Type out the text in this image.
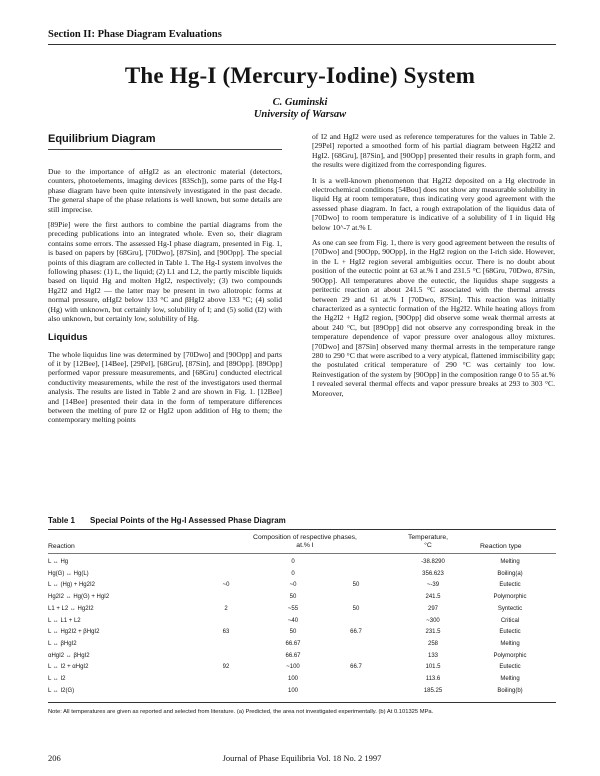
Section II: Phase Diagram Evaluations
The Hg-I (Mercury-Iodine) System
C. Guminski
University of Warsaw
Equilibrium Diagram

Due to the importance of αHgI2 as an electronic material (detectors, counters, photoelements, imaging devices [83Sch]), some parts of the Hg-I phase diagram have been quite intensively investigated in the past decade. The general shape of the phase relations is well known, but some details are still imprecise.

[89Pie] were the first authors to combine the partial diagrams from the preceding publications into an integrated whole. Even so, their diagram contains some errors. The assessed Hg-I phase diagram, presented in Fig. 1, is based on papers by [68Gru], [70Dwo], [87Sin], and [90Opp]. The special points of this diagram are collected in Table 1. The Hg-I system involves the following phases: (1) L, the liquid; (2) L1 and L2, the partly miscible liquids based on liquid Hg and molten HgI2, respectively; (3) two compounds Hg2I2 and HgI2 — the latter may be present in two allotropic forms at normal pressure, αHgI2 below 133 °C and βHgI2 above 133 °C; (4) solid (Hg) with unknown, but certainly low, solubility of I; and (5) solid (I2) with also unknown, but certainly low, solubility of Hg.

Liquidus

The whole liquidus line was determined by [70Dwo] and [90Opp] and parts of it by [12Bee], [14Bee], [29Pel], [68Gru], [87Sin], and [89Opp]. [89Opp] performed vapor pressure measurements, and [68Gru] conducted electrical conductivity measurements, while the rest of the investigators used thermal analysis. The results are listed in Table 2 and are shown in Fig. 1. [12Bee] and [14Bee] presented their data in the form of temperature differences between the melting of pure I2 or HgI2 upon addition of Hg to them; the contemporary melting points

of I2 and HgI2 were used as reference temperatures for the values in Table 2. [29Pel] reported a smoothed form of his partial diagram between Hg2I2 and HgI2. [68Gru], [87Sin], and [90Opp] presented their results in graph form, and the results were digitized from the corresponding figures.

It is a well-known phenomenon that Hg2I2 deposited on a Hg electrode in electrochemical conditions [54Bou] does not show any measurable solubility in liquid Hg at room temperature, thus indicating very good agreement with the assessed phase diagram. In fact, a rough extrapolation of the liquidus data of [70Dwo] to room temperature is indicative of a solubility of I in liquid Hg below 10^-7 at.% I.

As one can see from Fig. 1, there is very good agreement between the results of [70Dwo] and [90Opp, 90Opp], in the HgI2 region on the I-rich side. However, in the L + HgI2 region several ambiguities occur. There is no doubt about position of the eutectic point at 63 at.% I and 231.5 °C [68Gru, 70Dwo, 87Sin, 90Opp]. All temperatures above the eutectic, the liquidus shape suggests a peritectic reaction at about 241.5 °C associated with the thermal arrests between 29 and 61 at.% I [70Dwo, 87Sin]. This reaction was initially characterized as a syntectic formation of the Hg2I2. While heating alloys from the Hg2I2 + HgI2 region, [90Opp] did observe some weak thermal arrests at about 240 °C, but [89Opp] did not observe any corresponding break in the temperature dependence of vapor pressure over analogous alloy mixtures. [70Dwo] and [87Sin] observed many thermal arrests in the temperature range 280 to 290 °C that were ascribed to a very atypical, flattened immiscibility gap; the postulated critical temperature of 290 °C was certainly too low. Reinvestigation of the system by [90Opp] in the composition range 0 to 55 at.% I revealed several thermal effects and vapor pressure breaks at 293 to 303 °C. Moreover,

Table 1 Special Points of the Hg-I Assessed Phase Diagram
Composition of respective phases,
at.% I
Temperature,
°C
Reaction	Reaction type
L ↔ Hg	0	-38.8290	Melting
Hg(G) ↔ Hg(L)	0	356.623	Boiling(a)
L ↔ (Hg) + Hg2I2	~0	~0	50	~-39	Eutectic
Hg2I2 ↔ Hg(G) + HgI2	50	241.5	Polymorphic
L1 + L2 ↔ Hg2I2	2	~55	50	297	Syntectic
L ↔ L1 + L2	~40	~300	Critical
L ↔ Hg2I2 + βHgI2	63	50	66.7	231.5	Eutectic
L ↔ βHgI2	66.67	258	Melting
αHgI2 ↔ βHgI2	66.67	133	Polymorphic
L ↔ I2 + αHgI2	92	~100	66.7	101.5	Eutectic
L ↔ I2	100	113.6	Melting
L ↔ I2(G)	100	185.25	Boiling(b)
Note: All temperatures are given as reported and selected from literature. (a) Predicted, the area not investigated experimentally. (b) At 0.101325 MPa.
206	Journal of Phase Equilibria Vol. 18 No. 2 1997
